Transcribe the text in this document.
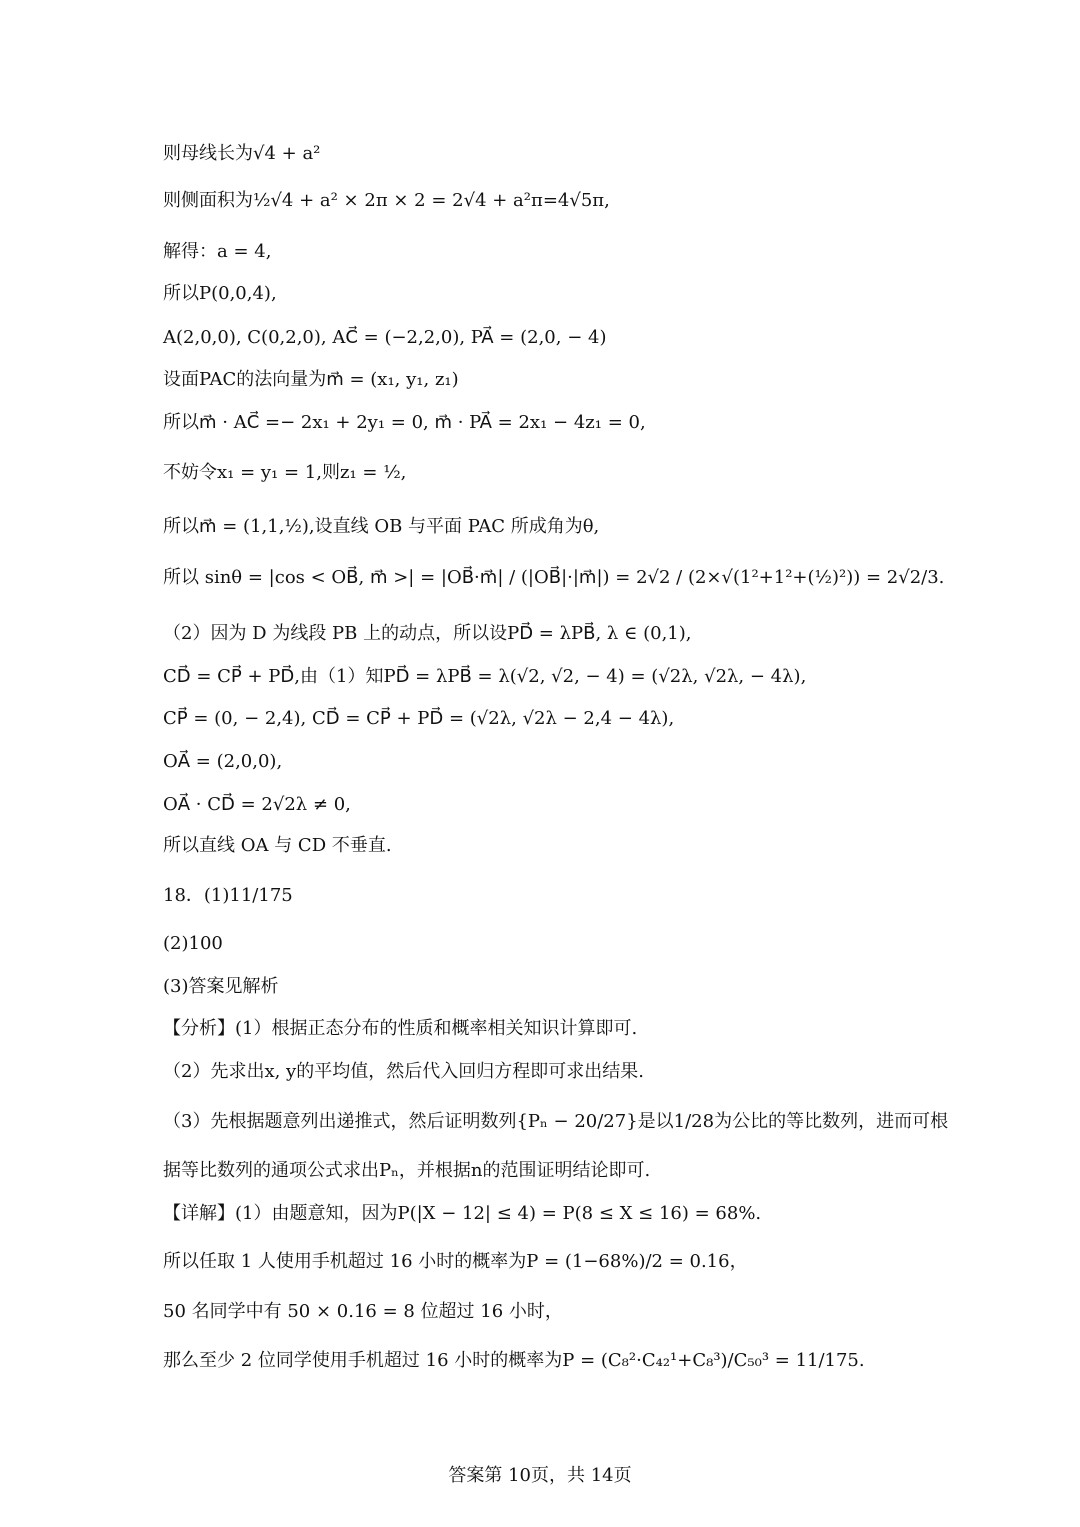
则母线长为√4 + a²
则侧面积为½√4 + a² × 2π × 2 = 2√4 + a²π=4√5π,
解得：a = 4,
所以P(0,0,4),
A(2,0,0), C(0,2,0), AC⃗ = (−2,2,0), PA⃗ = (2,0, − 4)
设面PAC的法向量为m⃗ = (x₁, y₁, z₁)
所以m⃗ · AC⃗ =− 2x₁ + 2y₁ = 0, m⃗ · PA⃗ = 2x₁ − 4z₁ = 0,
不妨令x₁ = y₁ = 1,则z₁ = ½,
所以m⃗ = (1,1,½),设直线 OB 与平面 PAC 所成角为θ,
所以 sinθ = |cos < OB⃗, m⃗ >| = |OB⃗·m⃗| / (|OB⃗|·|m⃗|) = 2√2 / (2×√(1²+1²+(½)²)) = 2√2/3.
（2）因为 D 为线段 PB 上的动点，所以设PD⃗ = λPB⃗, λ ∈ (0,1),
CD⃗ = CP⃗ + PD⃗,由（1）知PD⃗ = λPB⃗ = λ(√2, √2, − 4) = (√2λ, √2λ, − 4λ),
CP⃗ = (0, − 2,4), CD⃗ = CP⃗ + PD⃗ = (√2λ, √2λ − 2,4 − 4λ),
OA⃗ = (2,0,0),
OA⃗ · CD⃗ = 2√2λ ≠ 0,
所以直线 OA 与 CD 不垂直.
18．(1)11/175
(2)100
(3)答案见解析
【分析】(1）根据正态分布的性质和概率相关知识计算即可.
（2）先求出x, y的平均值，然后代入回归方程即可求出结果.
（3）先根据题意列出递推式，然后证明数列{Pₙ − 20/27}是以1/28为公比的等比数列，进而可根
据等比数列的通项公式求出Pₙ，并根据n的范围证明结论即可.
【详解】(1）由题意知，因为P(|X − 12| ≤ 4) = P(8 ≤ X ≤ 16) = 68%.
所以任取 1 人使用手机超过 16 小时的概率为P = (1−68%)/2 = 0.16，
50 名同学中有 50 × 0.16 = 8 位超过 16 小时，
那么至少 2 位同学使用手机超过 16 小时的概率为P = (C₈²·C₄₂¹+C₈³)/C₅₀³ = 11/175.
答案第 10页，共 14页
